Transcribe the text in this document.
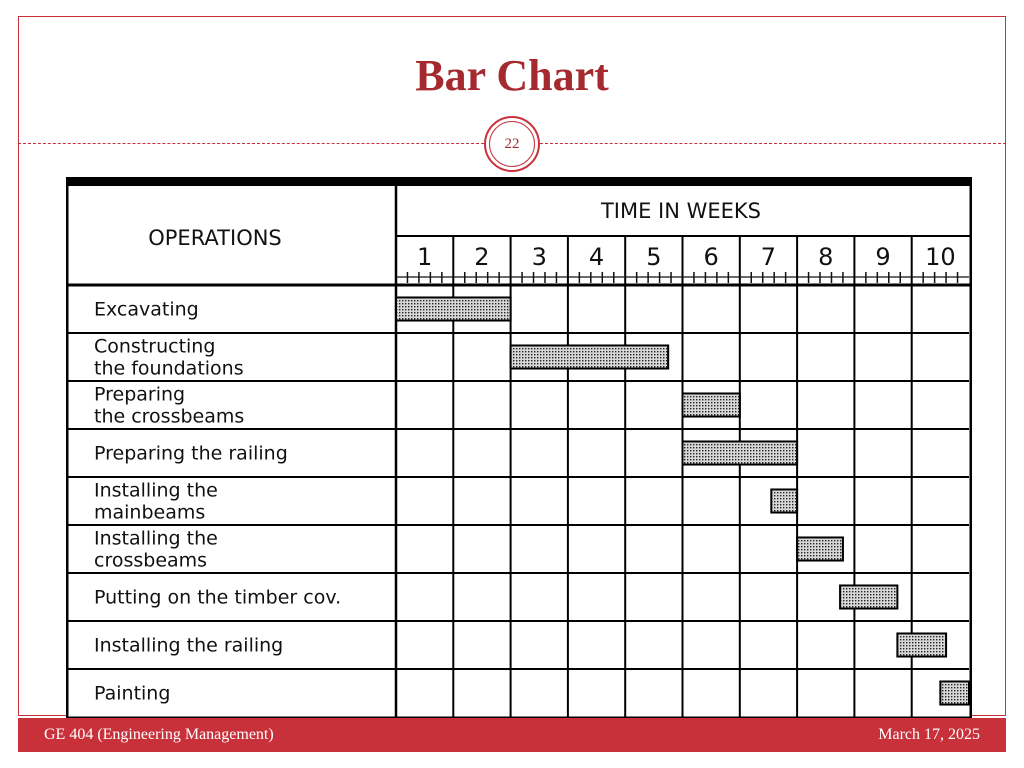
Bar Chart
22
OPERATIONS
TIME IN WEEKS
1 2 3 4 5 6 7 8 9 10
Excavating
Constructing
the foundations
Preparing
the crossbeams
Preparing the railing
Installing the
mainbeams
Installing the
crossbeams
Putting on the timber cov.
Installing the railing
Painting
GE 404 (Engineering Management)	March 17, 2025
